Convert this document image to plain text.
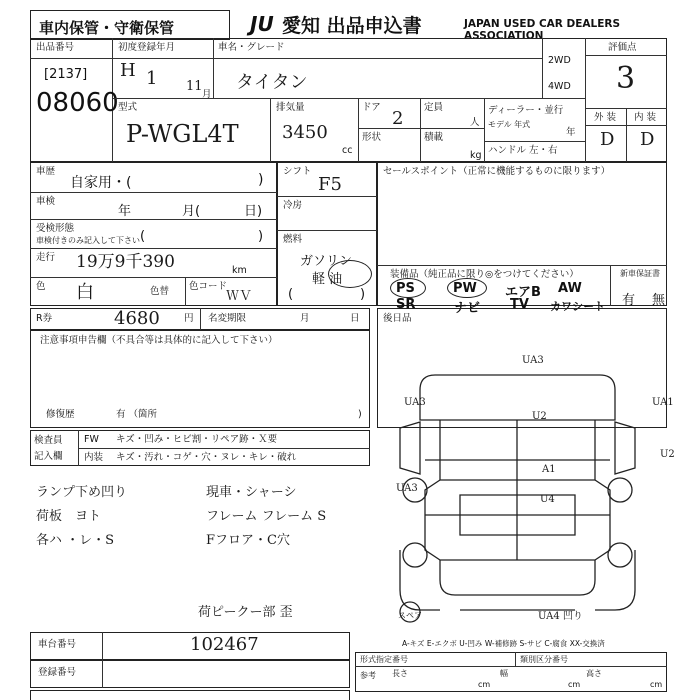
車内保管・守衛保管	JU 愛知 出品申込書	JAPAN USED CAR DEALERS ASSOCIATION
出品番号
[2137]
08060
初度登録年月
H 1 11
月
車名・グレード
タイタン
2WD
4WD
評価点
3
型式
P-WGL4T
排気量
3450
cc
ドア
2
形状
定員
人
積載
kg
ディーラー・並行
モデル 年式
年
ハンドル 左・右
外 装 内 装
D D
車歴
自家用・(	)
車検
年	月(	日)
受検形態
車検付きのみ記入して下さい (	)
走行 19万9千390	km
色 白	色替 色コード
ＷＶ
シフト
F5
冷房
燃料
ガソリン
軽 油
(	)
セールスポイント（正常に機能するものに限ります）
装備品（純正品に限り◎をつけてください）	新車保証書
有 無
PS	PW エアB AW
SR	ナビ TV カワシート
R券	4680	円 名変期限	月	日 後日品
注意事項申告欄（不具合等は具体的に記入して下さい）
修復歴	有 （箇所	)
検査員
記入欄
FW キズ・凹み・ヒビ割・リペア跡・Ｘ要
内装 キズ・汚れ・コゲ・穴・ヌレ・キレ・破れ
ランプ下め凹り
荷板　ヨト
各ハ ・レ・S
現車・シャーシ
フレーム フレーム S
Fフロア・C穴
荷ピークー部 歪
UA3
UA3	UA1
U2
U2
UA3
A1
U4
UA4 凹り
スペア
A-キズ E-エクボ U-凹み W-補修跡 S-サビ C-腐食 XX-交換済
車台番号	102467
登録番号
形式指定番号	類別区分番号
参考 長さ
cm
幅
cm
高さ
cm
